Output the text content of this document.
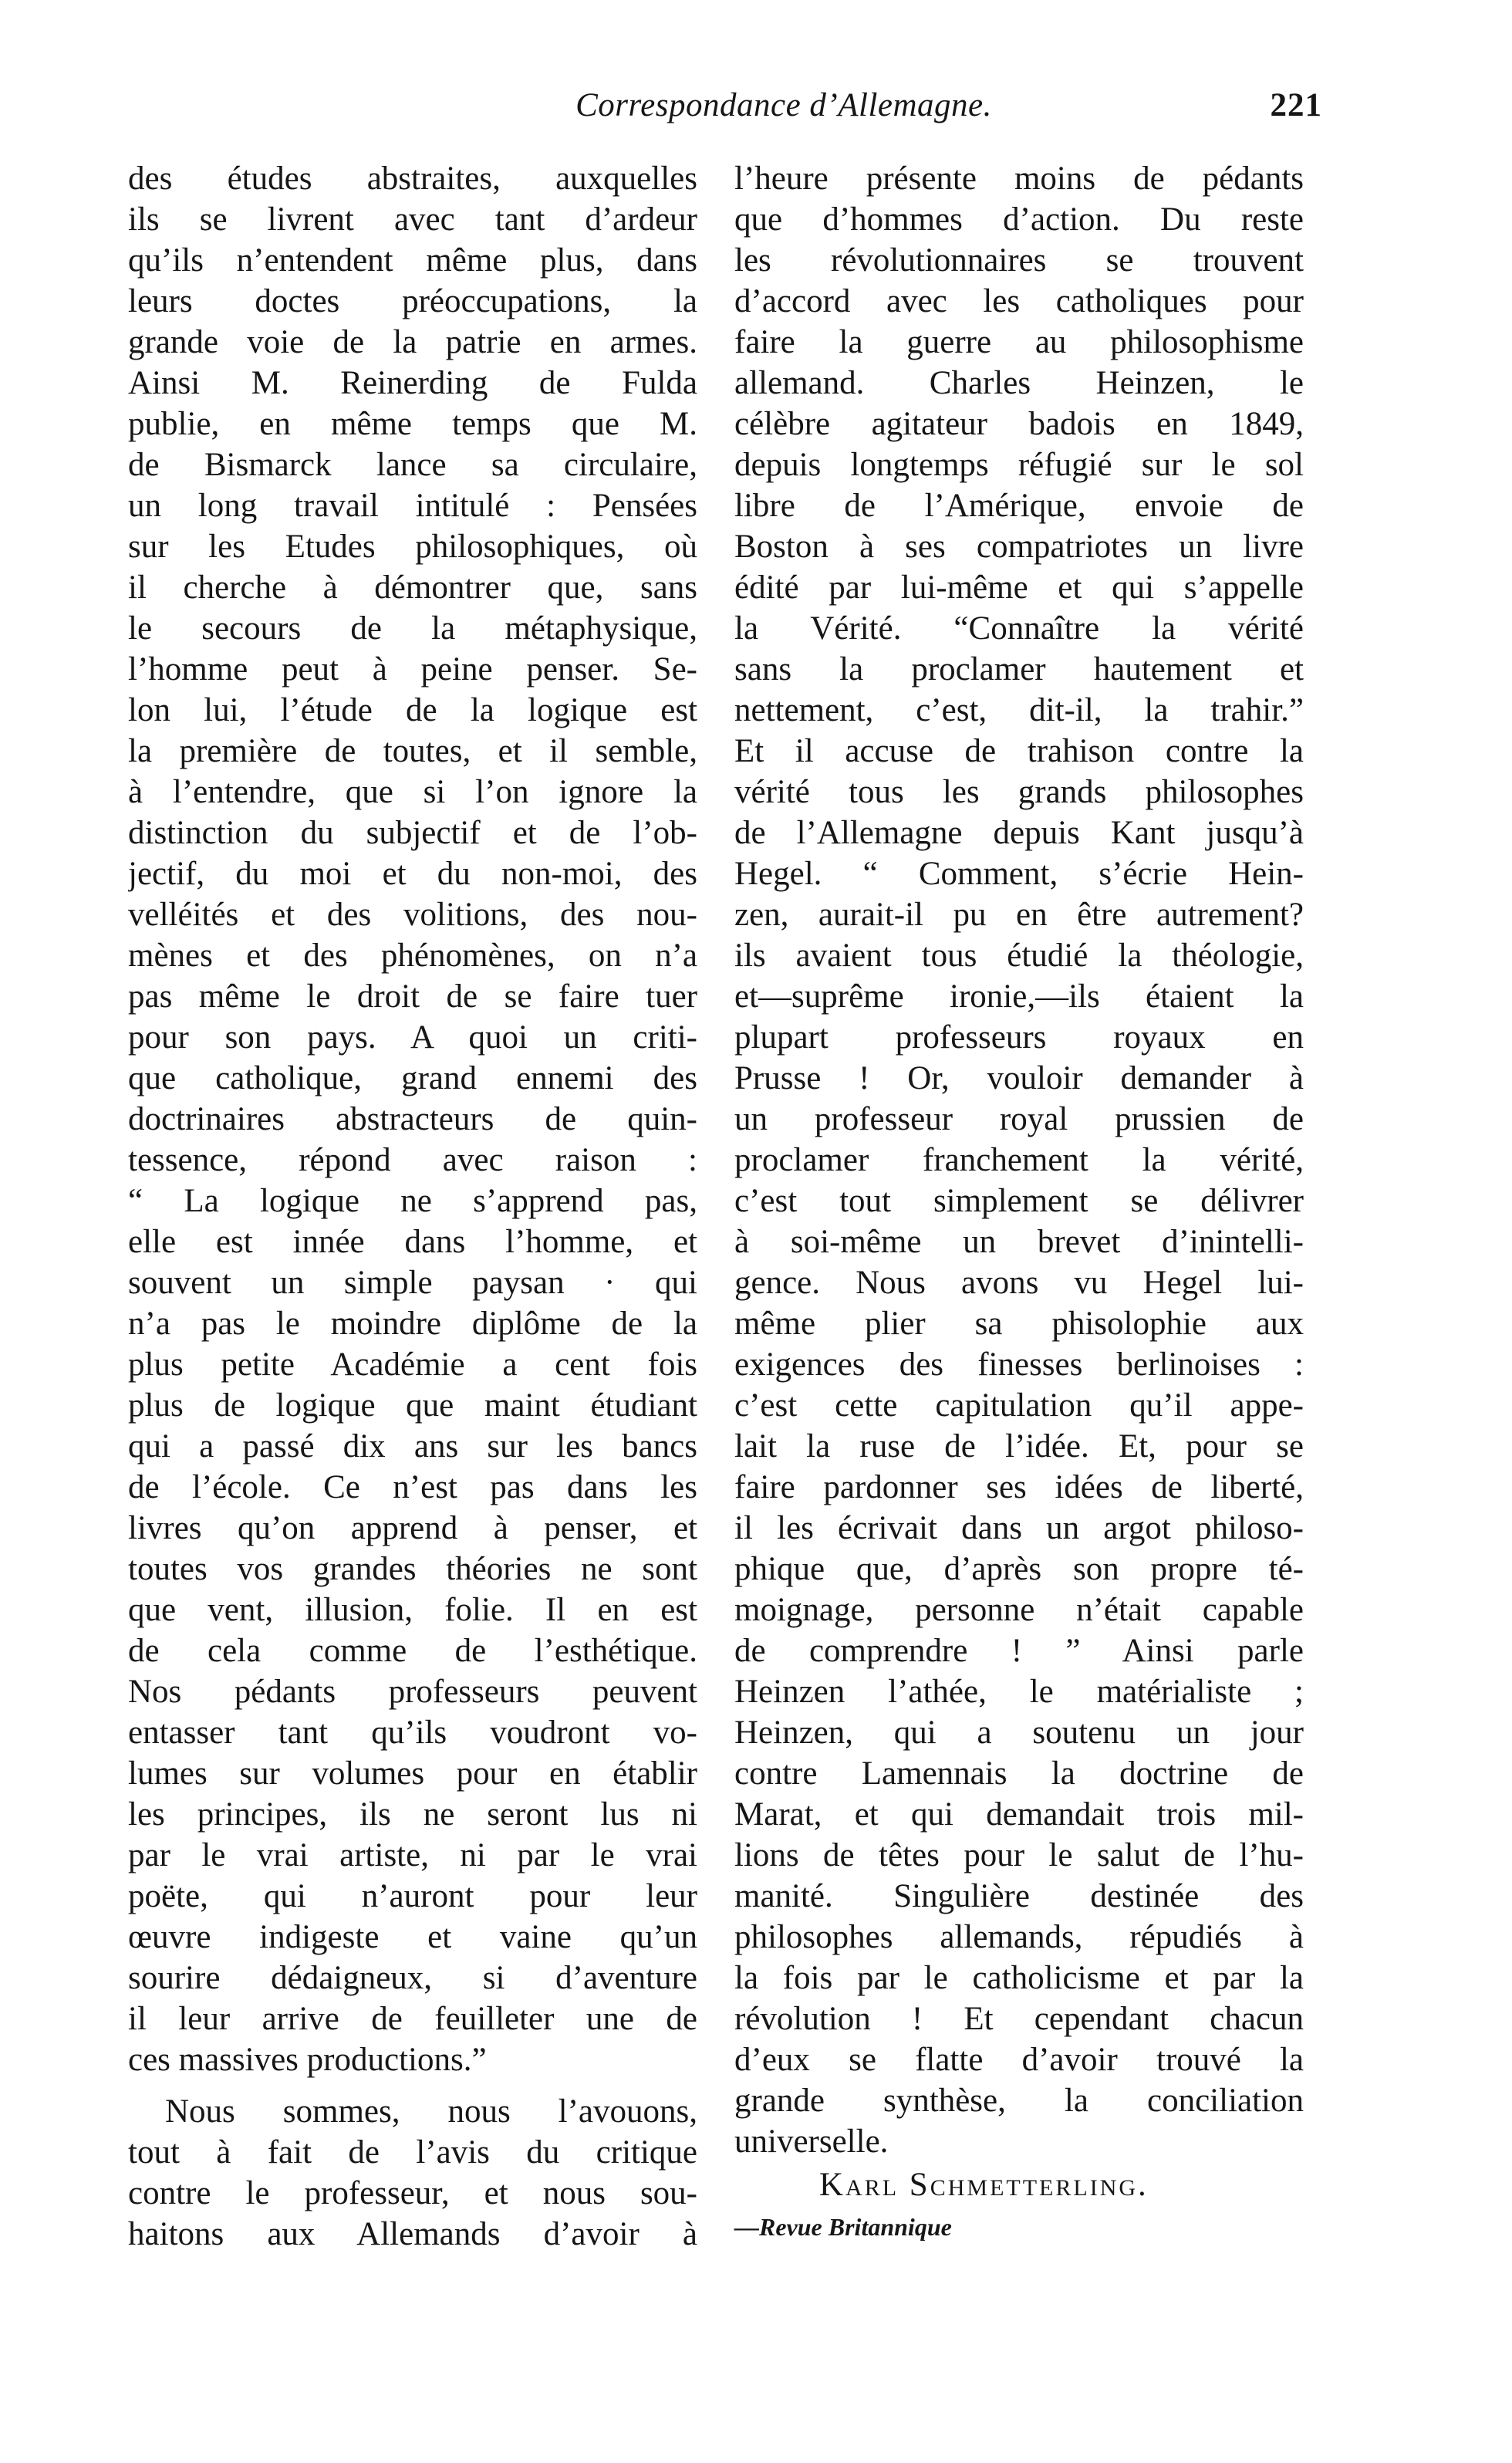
Correspondance d’Allemagne.	221
des études abstraites, auxquelles
ils se livrent avec tant d’ardeur
qu’ils n’entendent même plus, dans
leurs doctes préoccupations, la
grande voie de la patrie en armes.
Ainsi M. Reinerding de Fulda
publie, en même temps que M.
de Bismarck lance sa circulaire,
un long travail intitulé : Pensées
sur les Etudes philosophiques, où
il cherche à démontrer que, sans
le secours de la métaphysique,
l’homme peut à peine penser. Se-
lon lui, l’étude de la logique est
la première de toutes, et il semble,
à l’entendre, que si l’on ignore la
distinction du subjectif et de l’ob-
jectif, du moi et du non-moi, des
velléités et des volitions, des nou-
mènes et des phénomènes, on n’a
pas même le droit de se faire tuer
pour son pays. A quoi un criti-
que catholique, grand ennemi des
doctrinaires abstracteurs de quin-
tessence, répond avec raison :
“ La logique ne s’apprend pas,
elle est innée dans l’homme, et
souvent un simple paysan · qui
n’a pas le moindre diplôme de la
plus petite Académie a cent fois
plus de logique que maint étudiant
qui a passé dix ans sur les bancs
de l’école. Ce n’est pas dans les
livres qu’on apprend à penser, et
toutes vos grandes théories ne sont
que vent, illusion, folie. Il en est
de cela comme de l’esthétique.
Nos pédants professeurs peuvent
entasser tant qu’ils voudront vo-
lumes sur volumes pour en établir
les principes, ils ne seront lus ni
par le vrai artiste, ni par le vrai
poëte, qui n’auront pour leur
œuvre indigeste et vaine qu’un
sourire dédaigneux, si d’aventure
il leur arrive de feuilleter une de
ces massives productions.”
Nous sommes, nous l’avouons,
tout à fait de l’avis du critique
contre le professeur, et nous sou-
haitons aux Allemands d’avoir à
l’heure présente moins de pédants
que d’hommes d’action. Du reste
les révolutionnaires se trouvent
d’accord avec les catholiques pour
faire la guerre au philosophisme
allemand. Charles Heinzen, le
célèbre agitateur badois en 1849,
depuis longtemps réfugié sur le sol
libre de l’Amérique, envoie de
Boston à ses compatriotes un livre
édité par lui-même et qui s’appelle
la Vérité. “Connaître la vérité
sans la proclamer hautement et
nettement, c’est, dit-il, la trahir.”
Et il accuse de trahison contre la
vérité tous les grands philosophes
de l’Allemagne depuis Kant jusqu’à
Hegel. “ Comment, s’écrie Hein-
zen, aurait-il pu en être autrement?
ils avaient tous étudié la théologie,
et—suprême ironie,—ils étaient la
plupart professeurs royaux en
Prusse ! Or, vouloir demander à
un professeur royal prussien de
proclamer franchement la vérité,
c’est tout simplement se délivrer
à soi-même un brevet d’inintelli-
gence. Nous avons vu Hegel lui-
même plier sa phisolophie aux
exigences des finesses berlinoises :
c’est cette capitulation qu’il appe-
lait la ruse de l’idée. Et, pour se
faire pardonner ses idées de liberté,
il les écrivait dans un argot philoso-
phique que, d’après son propre té-
moignage, personne n’était capable
de comprendre ! ” Ainsi parle
Heinzen l’athée, le matérialiste ;
Heinzen, qui a soutenu un jour
contre Lamennais la doctrine de
Marat, et qui demandait trois mil-
lions de têtes pour le salut de l’hu-
manité. Singulière destinée des
philosophes allemands, répudiés à
la fois par le catholicisme et par la
révolution ! Et cependant chacun
d’eux se flatte d’avoir trouvé la
grande synthèse, la conciliation
universelle.
Karl Schmetterling.
—Revue Britannique
